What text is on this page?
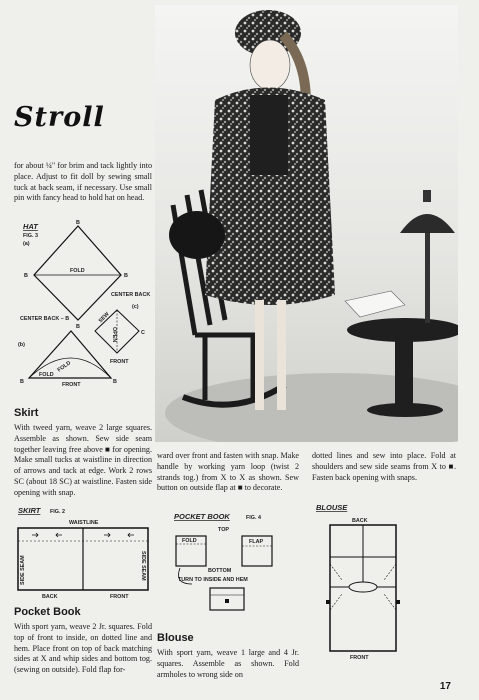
Stroll
for about ¼" for brim and tack lightly into place. Adjust to fit doll by sewing small tuck at back seam, if necessary. Use small pin with fancy head to hold hat on head.
HAT
FIG. 3
(a)
FOLD
B
B	B
B
CENTER BACK
SEW
OPEN
(c)
C
FRONT
CENTER BACK – B
(b)
FOLD
FOLD
FRONT
B	B
Skirt
With tweed yarn, weave 2 large squares. Assemble as shown. Sew side seam together leaving free above ■ for opening. Make small tucks at waistline in direction of arrows and tack at edge. Work 2 rows SC (about 18 SC) at waistline. Fasten side opening with snap.
ward over front and fasten with snap. Make handle by working yarn loop (twist 2 strands tog.) from X to X as shown. Sew button on outside flap at ■ to decorate.
dotted lines and sew into place. Fold at shoulders and sew side seams from X to ■. Fasten back opening with snaps.
SKIRT FIG. 2
WAISTLINE
SIDE SEAM	SIDE SEAM
BACK	FRONT
POCKET BOOK	FIG. 4
TOP
FOLD	FLAP
BOTTOM
TURN TO INSIDE AND HEM
BLOUSE
BACK
FRONT
Pocket Book
With sport yarn, weave 2 Jr. squares. Fold top of front to inside, on dotted line and hem. Place front on top of back matching sides at X and whip sides and bottom tog. (sewing on outside). Fold flap for-
Blouse
With sport yarn, weave 1 large and 4 Jr. squares. Assemble as shown. Fold armholes to wrong side on
17
